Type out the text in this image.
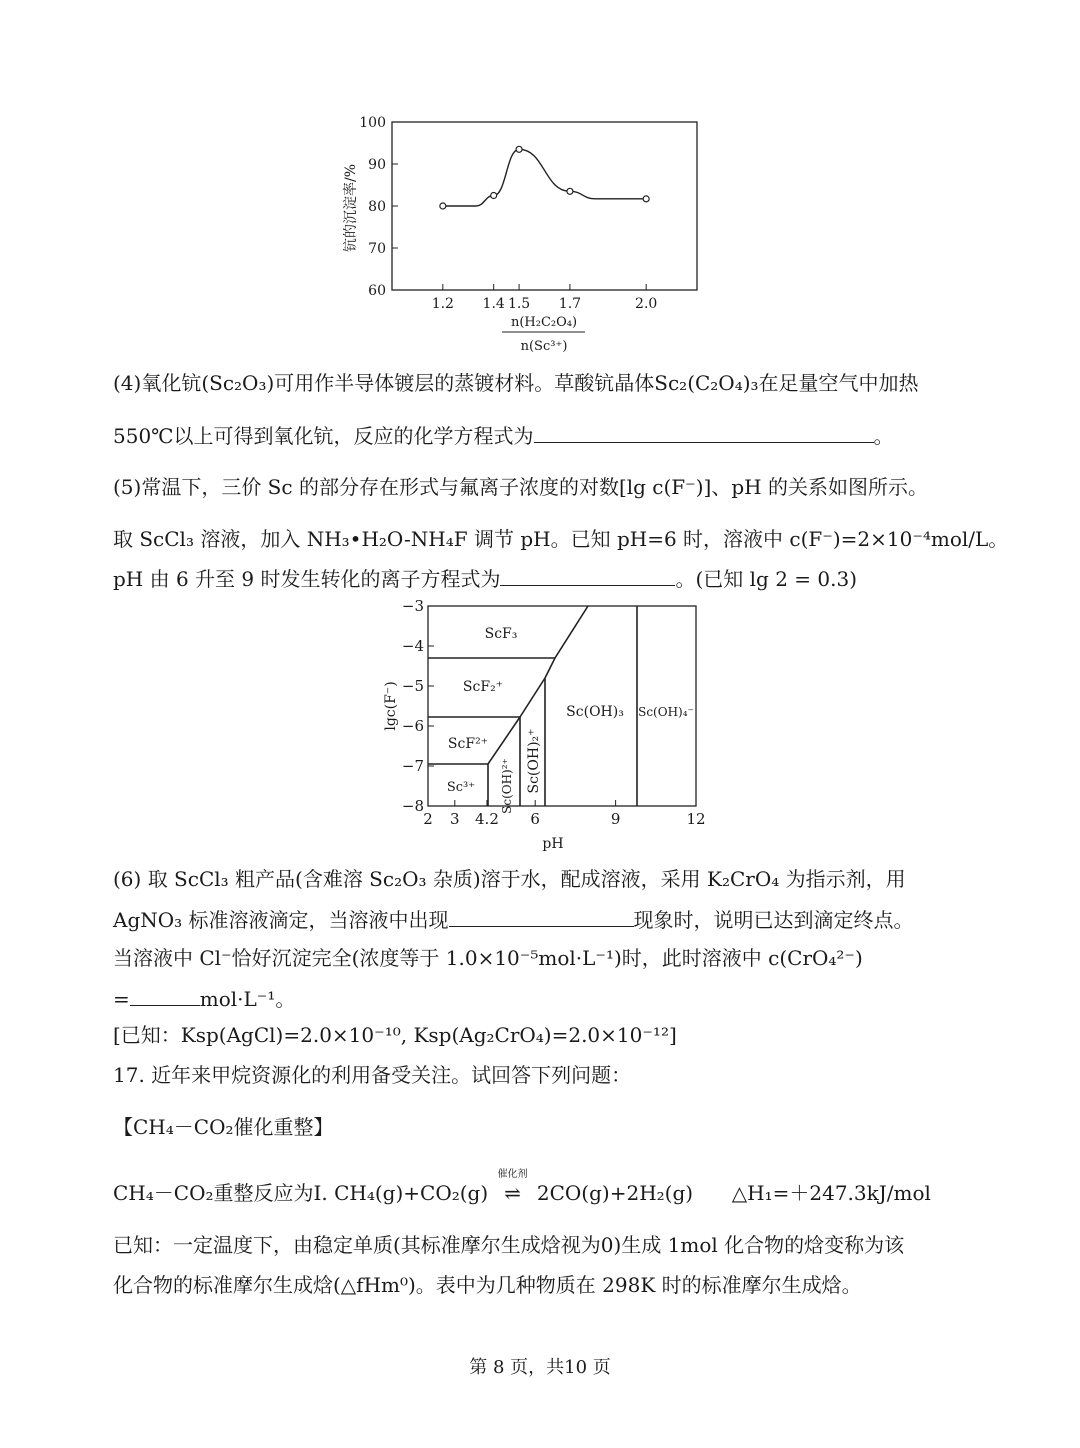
60
70
80
90
100
1.2 1.4 1.5 1.7	2.0
钪的沉淀率/%
n(H₂C₂O₄)
n(Sc³⁺)
(4)氧化钪(Sc₂O₃)可用作半导体镀层的蒸镀材料。草酸钪晶体Sc₂(C₂O₄)₃在足量空气中加热
550℃以上可得到氧化钪，反应的化学方程式为	。
(5)常温下，三价 Sc 的部分存在形式与氟离子浓度的对数[lg c(F⁻)]、pH 的关系如图所示。
取 ScCl₃ 溶液，加入 NH₃•H₂O-NH₄F 调节 pH。已知 pH=6 时，溶液中 c(F⁻)=2×10⁻⁴mol/L。
pH 由 6 升至 9 时发生转化的离子方程式为	。(已知 lg 2 = 0.3)
−3
−4
−5
−6
−7
−8
2 3 4.2 6	9	12
ScF₃
ScF₂⁺
ScF²⁺
Sc³⁺ Sc(OH)²⁺ Sc(OH)₂⁺
Sc(OH)₃ Sc(OH)₄⁻
lgc(F⁻)
pH
(6) 取 ScCl₃ 粗产品(含难溶 Sc₂O₃ 杂质)溶于水，配成溶液，采用 K₂CrO₄ 为指示剂，用
AgNO₃ 标准溶液滴定，当溶液中出现	现象时，说明已达到滴定终点。
当溶液中 Cl⁻恰好沉淀完全(浓度等于 1.0×10⁻⁵mol·L⁻¹)时，此时溶液中 c(CrO₄²⁻)
=	mol·L⁻¹。
[已知：Ksp(AgCl)=2.0×10⁻¹⁰, Ksp(Ag₂CrO₄)=2.0×10⁻¹²]
17. 近年来甲烷资源化的利用备受关注。试回答下列问题：
【CH₄－CO₂催化重整】
CH₄－CO₂重整反应为Ⅰ. CH₄(g)+CO₂(g)
催化剂
⇌ 2CO(g)+2H₂(g) △H₁=＋247.3kJ/mol
已知：一定温度下，由稳定单质(其标准摩尔生成焓视为0)生成 1mol 化合物的焓变称为该
化合物的标准摩尔生成焓(△fHm⁰)。表中为几种物质在 298K 时的标准摩尔生成焓。
第 8 页，共10 页
